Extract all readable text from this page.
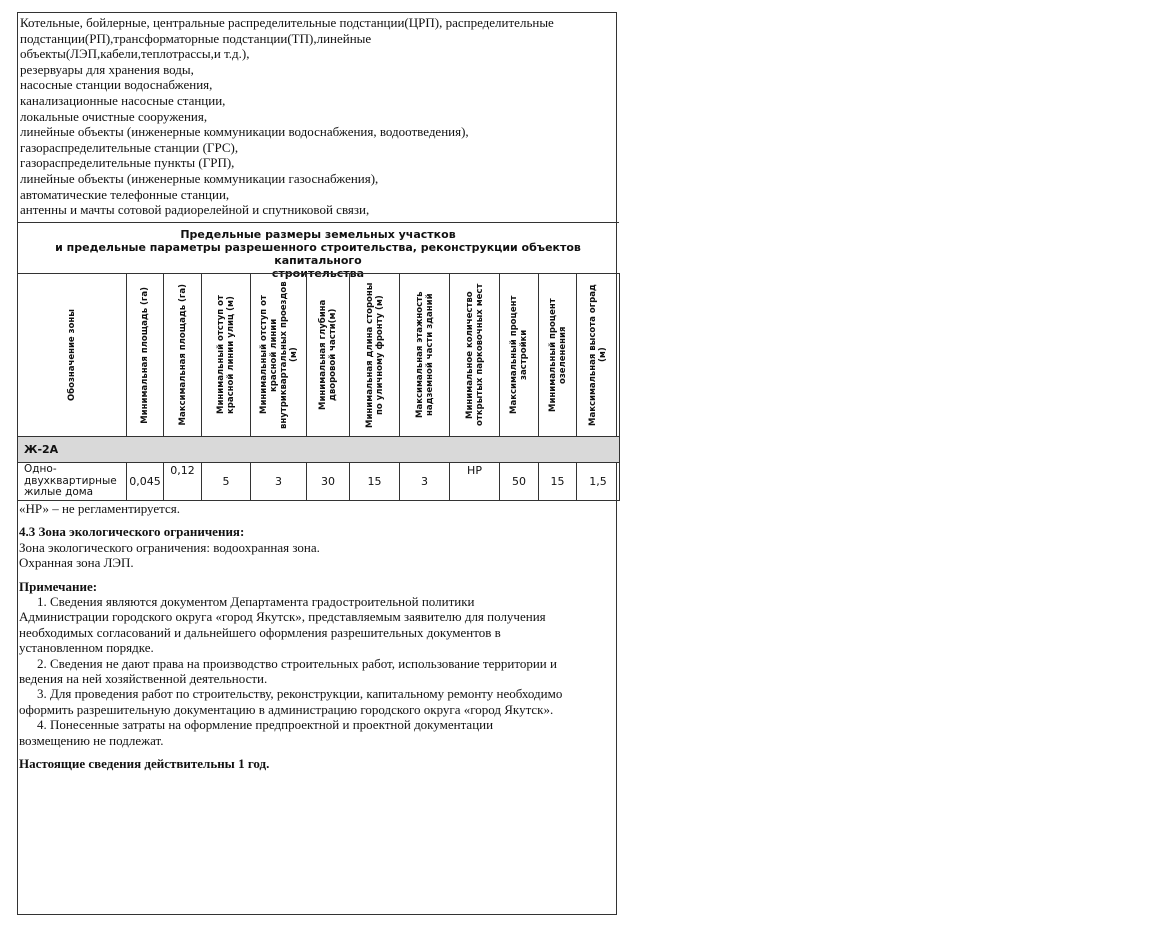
Котельные, бойлерные, центральные распределительные подстанции(ЦРП), распределительные
подстанции(РП),трансформаторные подстанции(ТП),линейные
объекты(ЛЭП,кабели,теплотрассы,и т.д.),
резервуары для хранения воды,
насосные станции водоснабжения,
канализационные насосные станции,
локальные очистные сооружения,
линейные объекты (инженерные коммуникации водоснабжения, водоотведения),
газораспределительные станции (ГРС),
газораспределительные пункты (ГРП),
линейные объекты (инженерные коммуникации газоснабжения),
автоматические телефонные станции,
антенны и мачты сотовой радиорелейной и спутниковой связи,
Предельные размеры земельных участков
и предельные параметры разрешенного строительства, реконструкции объектов капитального
строительства
Обозначение зоны	Минимальная площадь (га)	Максимальная площадь (га)	Минимальный отступ от красной линии улиц (м)	Минимальный отступ от красной линии внутриквартальных проездов (м)	Минимальная глубина дворовой части(м)	Минимальная длина стороны по уличному фронту (м)	Максимальная этажность надземной части зданий	Минимальное количество открытых парковочных мест	Максимальный процент застройки	Минимальный процент озеленения	Максимальная высота оград (м)

Ж-2А											
Одно-двухквартирные жилые дома	0,045	0,12	5	3	30	15	3	НР	50	15	1,5

«НР» – не регламентируется.

4.3 Зона экологического ограничения:

Зона экологического ограничения: водоохранная зона.

Охранная зона ЛЭП.

Примечание:

1. Сведения являются документом Департамента градостроительной политики

Администрации городского округа «город Якутск», представляемым заявителю для получения

необходимых согласований и дальнейшего оформления разрешительных документов в

установленном порядке.

2. Сведения не дают права на производство строительных работ, использование территории и

ведения на ней хозяйственной деятельности.

3. Для проведения работ по строительству, реконструкции, капитальному ремонту необходимо

оформить разрешительную документацию в администрацию городского округа «город Якутск».

4. Понесенные затраты на оформление предпроектной и проектной документации

возмещению не подлежат.

Настоящие сведения действительны 1 год.
